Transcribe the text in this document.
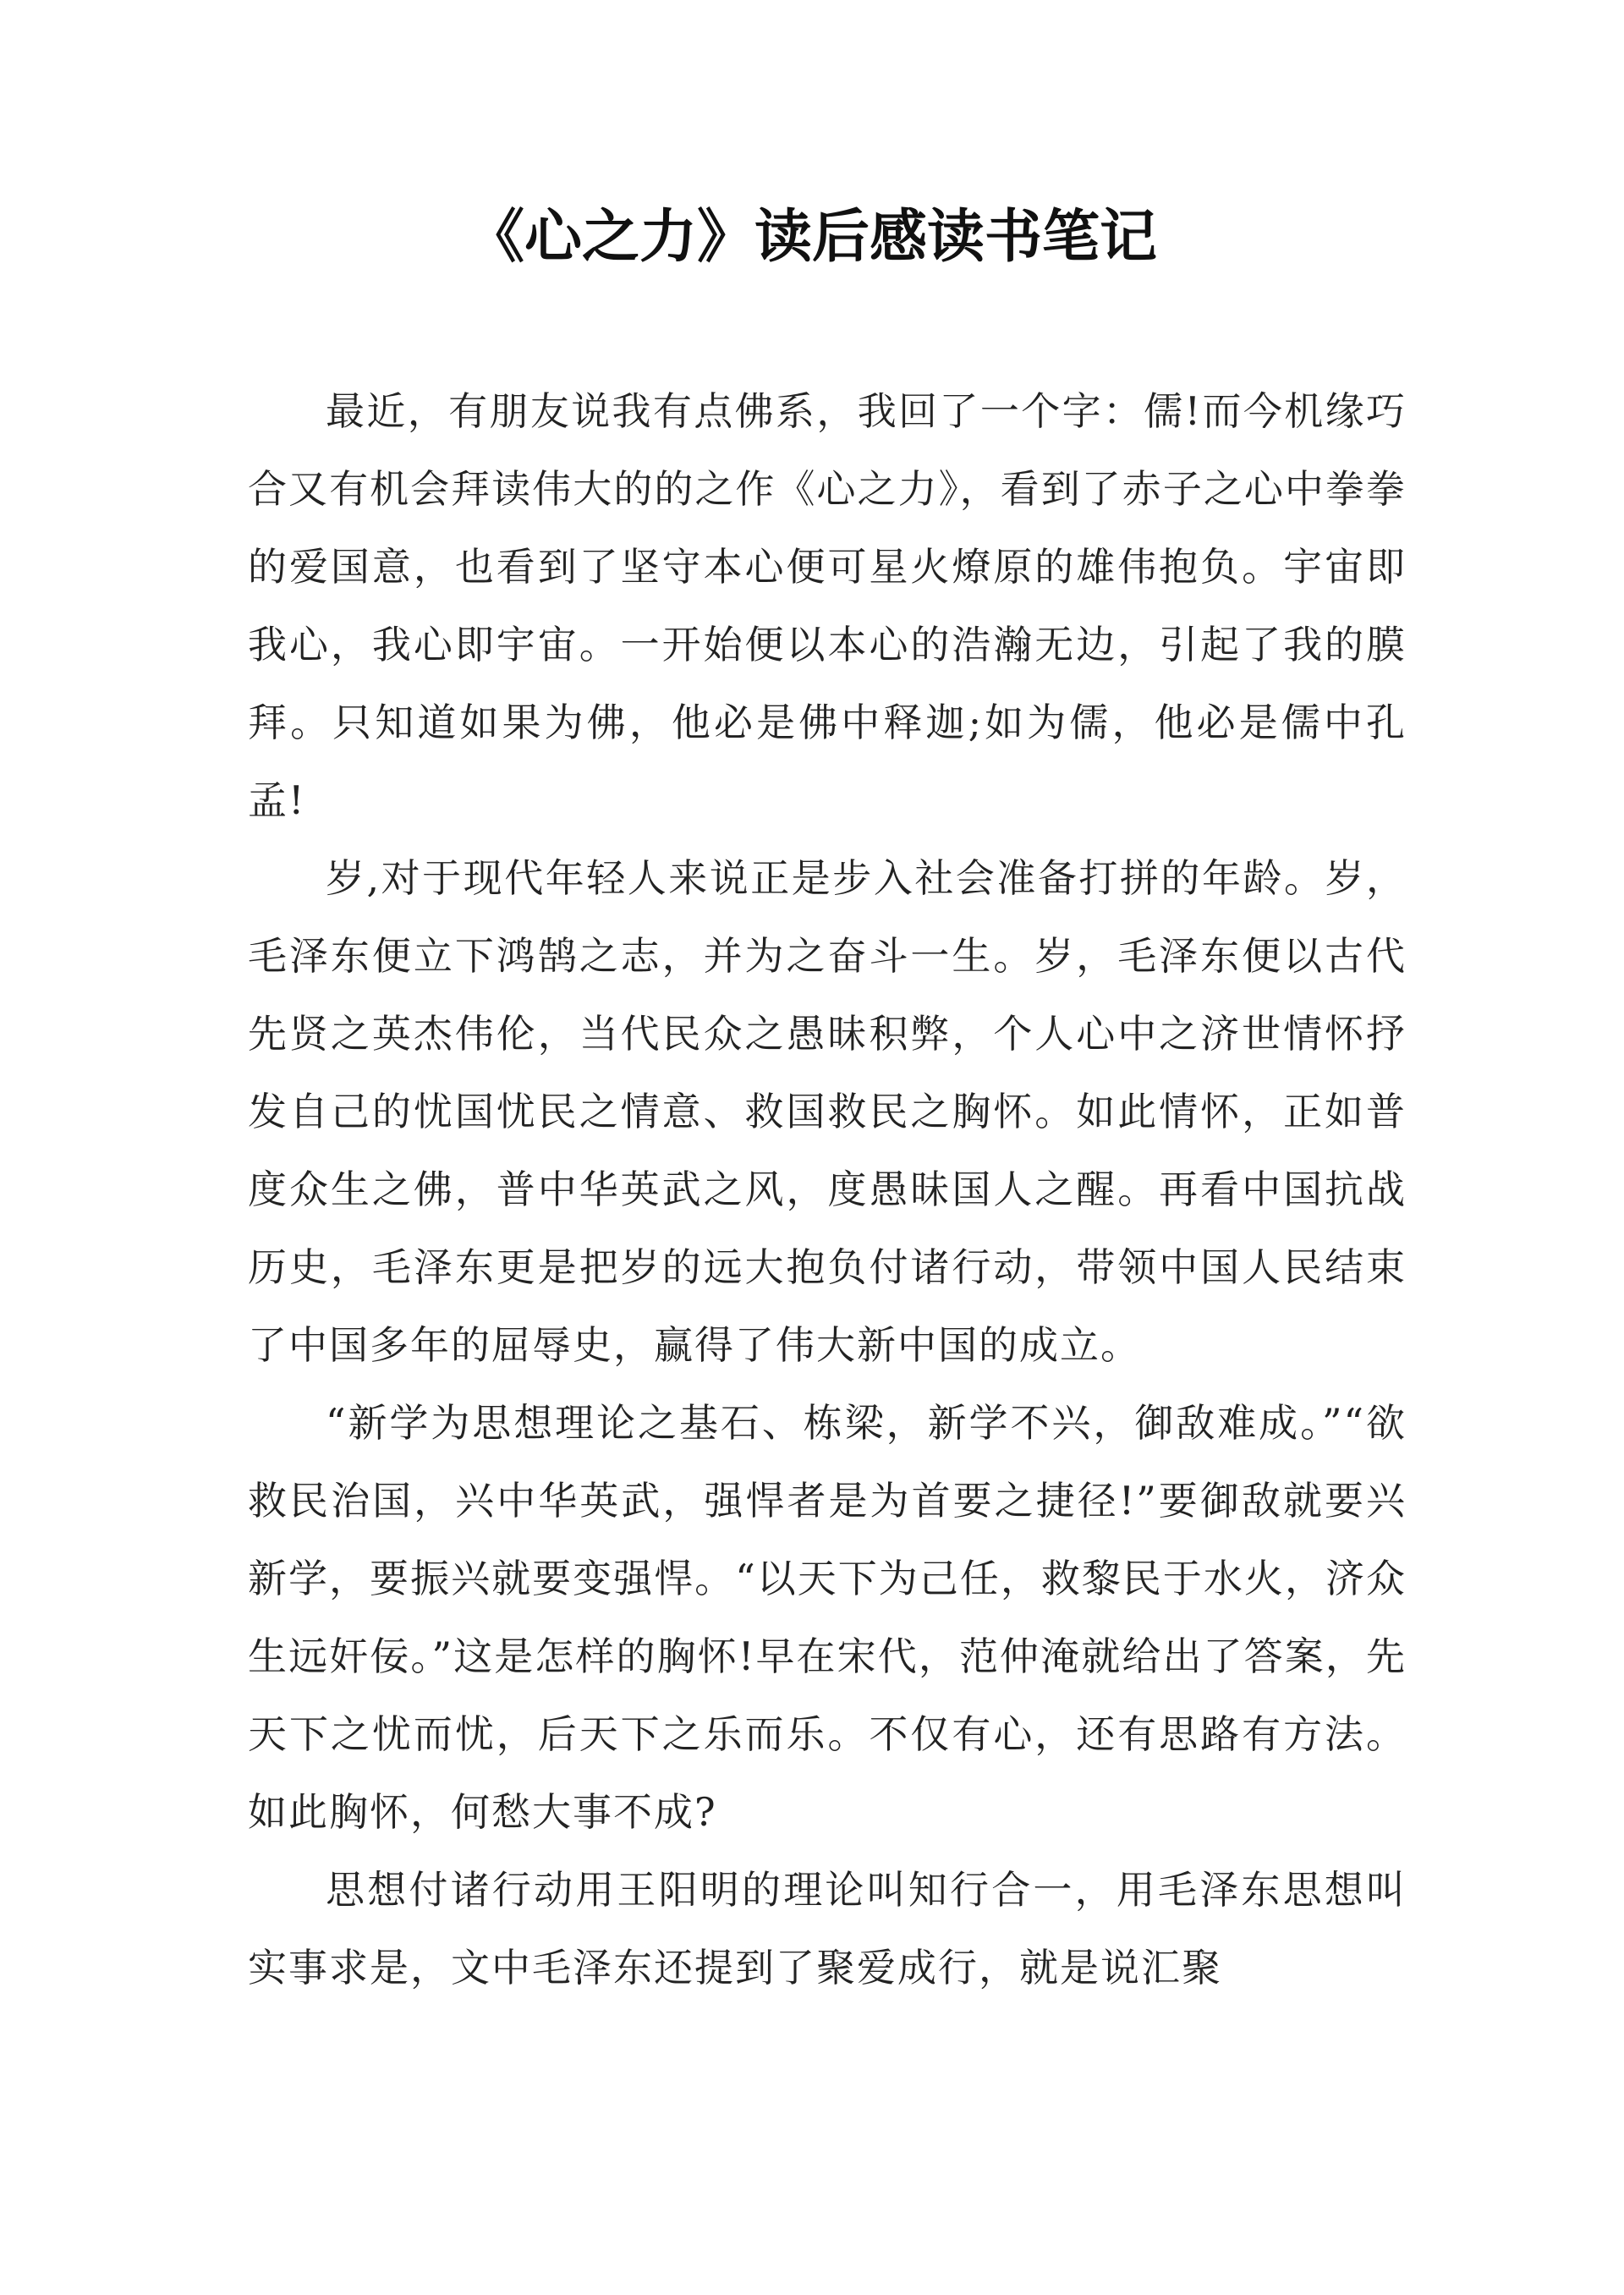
《心之力》读后感读书笔记

最近，有朋友说我有点佛系，我回了一个字：儒!而今机缘巧合又有机会拜读伟大的的之作《心之力》，看到了赤子之心中拳拳的爱国意，也看到了坚守本心便可星火燎原的雄伟抱负。宇宙即我心，我心即宇宙。一开始便以本心的浩瀚无边，引起了我的膜拜。只知道如果为佛，他必是佛中释迦;如为儒，他必是儒中孔孟!

岁,对于现代年轻人来说正是步入社会准备打拼的年龄。岁，毛泽东便立下鸿鹄之志，并为之奋斗一生。岁，毛泽东便以古代先贤之英杰伟伦，当代民众之愚昧积弊，个人心中之济世情怀抒发自己的忧国忧民之情意、救国救民之胸怀。如此情怀，正如普度众生之佛，普中华英武之风，度愚昧国人之醒。再看中国抗战历史，毛泽东更是把岁的远大抱负付诸行动，带领中国人民结束了中国多年的屈辱史，赢得了伟大新中国的成立。

“新学为思想理论之基石、栋梁，新学不兴，御敌难成。”“欲救民治国，兴中华英武，强悍者是为首要之捷径!”要御敌就要兴新学，要振兴就要变强悍。“以天下为己任，救黎民于水火，济众生远奸佞。”这是怎样的胸怀!早在宋代，范仲淹就给出了答案，先天下之忧而忧，后天下之乐而乐。不仅有心，还有思路有方法。如此胸怀，何愁大事不成?

思想付诸行动用王阳明的理论叫知行合一，用毛泽东思想叫实事求是，文中毛泽东还提到了聚爱成行，就是说汇聚
